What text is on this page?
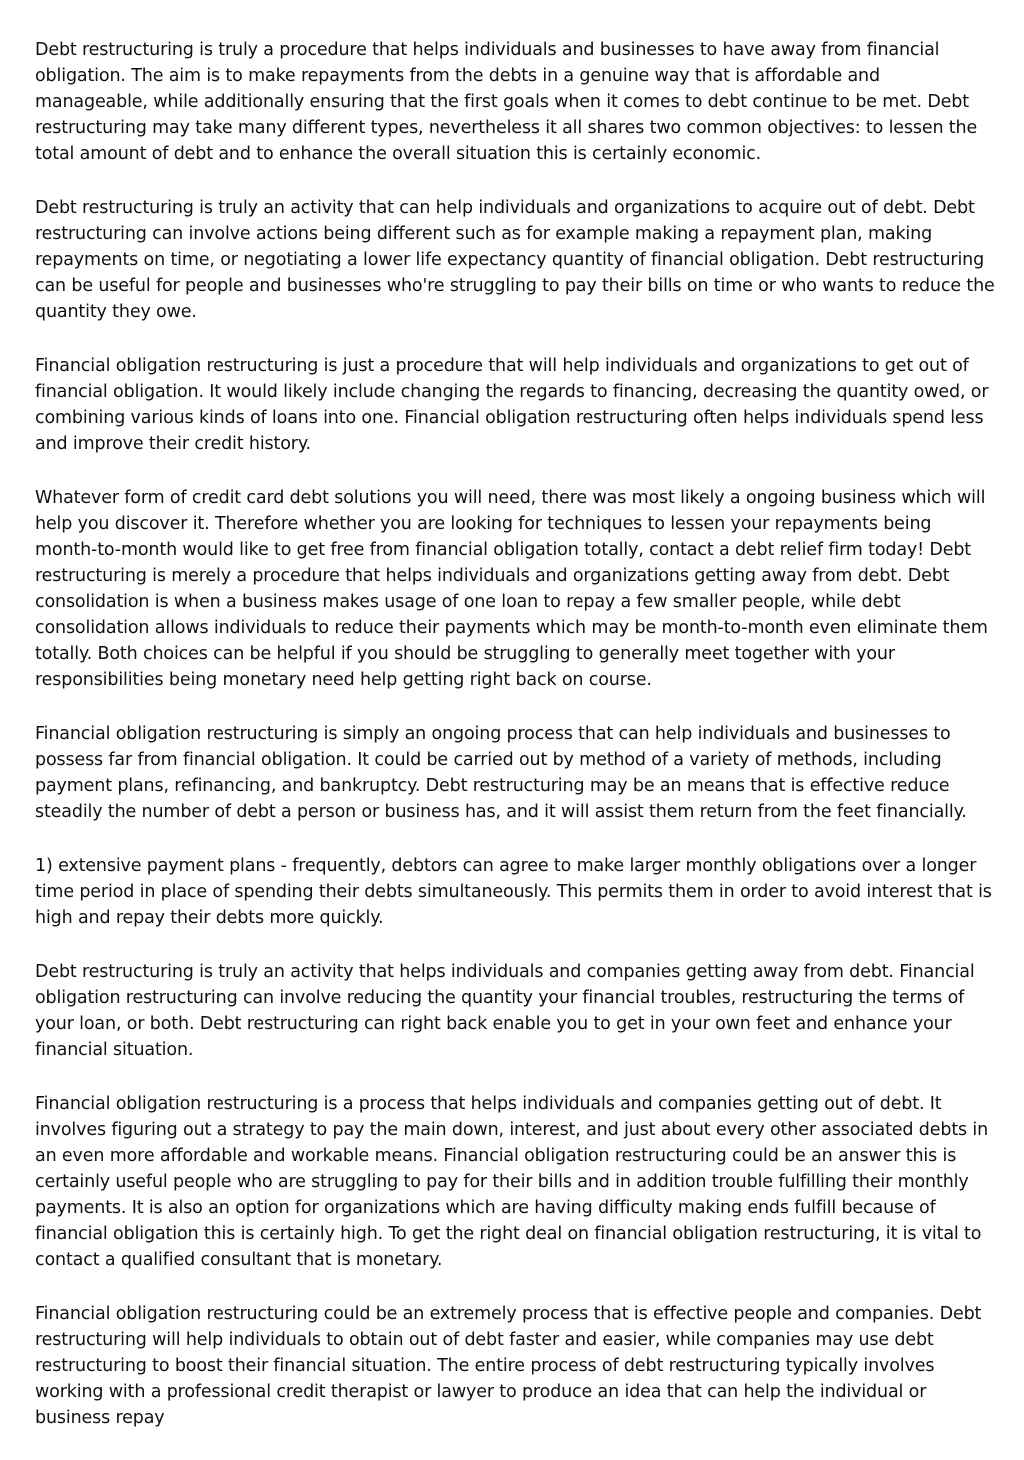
Debt restructuring is truly a procedure that helps individuals and businesses to have away from financial obligation. The aim is to make repayments from the debts in a genuine way that is affordable and manageable, while additionally ensuring that the first goals when it comes to debt continue to be met. Debt restructuring may take many different types, nevertheless it all shares two common objectives: to lessen the total amount of debt and to enhance the overall situation this is certainly economic.

Debt restructuring is truly an activity that can help individuals and organizations to acquire out of debt. Debt restructuring can involve actions being different such as for example making a repayment plan, making repayments on time, or negotiating a lower life expectancy quantity of financial obligation. Debt restructuring can be useful for people and businesses who're struggling to pay their bills on time or who wants to reduce the quantity they owe.

Financial obligation restructuring is just a procedure that will help individuals and organizations to get out of financial obligation. It would likely include changing the regards to financing, decreasing the quantity owed, or combining various kinds of loans into one. Financial obligation restructuring often helps individuals spend less and improve their credit history.

Whatever form of credit card debt solutions you will need, there was most likely a ongoing business which will help you discover it. Therefore whether you are looking for techniques to lessen your repayments being month-to-month would like to get free from financial obligation totally, contact a debt relief firm today! Debt restructuring is merely a procedure that helps individuals and organizations getting away from debt. Debt consolidation is when a business makes usage of one loan to repay a few smaller people, while debt consolidation allows individuals to reduce their payments which may be month-to-month even eliminate them totally. Both choices can be helpful if you should be struggling to generally meet together with your responsibilities being monetary need help getting right back on course.

Financial obligation restructuring is simply an ongoing process that can help individuals and businesses to possess far from financial obligation. It could be carried out by method of a variety of methods, including payment plans, refinancing, and bankruptcy. Debt restructuring may be an means that is effective reduce steadily the number of debt a person or business has, and it will assist them return from the feet financially.

1) extensive payment plans - frequently, debtors can agree to make larger monthly obligations over a longer time period in place of spending their debts simultaneously. This permits them in order to avoid interest that is high and repay their debts more quickly.

Debt restructuring is truly an activity that helps individuals and companies getting away from debt. Financial obligation restructuring can involve reducing the quantity your financial troubles, restructuring the terms of your loan, or both. Debt restructuring can right back enable you to get in your own feet and enhance your financial situation.

Financial obligation restructuring is a process that helps individuals and companies getting out of debt. It involves figuring out a strategy to pay the main down, interest, and just about every other associated debts in an even more affordable and workable means. Financial obligation restructuring could be an answer this is certainly useful people who are struggling to pay for their bills and in addition trouble fulfilling their monthly payments. It is also an option for organizations which are having difficulty making ends fulfill because of financial obligation this is certainly high. To get the right deal on financial obligation restructuring, it is vital to contact a qualified consultant that is monetary.

Financial obligation restructuring could be an extremely process that is effective people and companies. Debt restructuring will help individuals to obtain out of debt faster and easier, while companies may use debt restructuring to boost their financial situation. The entire process of debt restructuring typically involves working with a professional credit therapist or lawyer to produce an idea that can help the individual or business repay
